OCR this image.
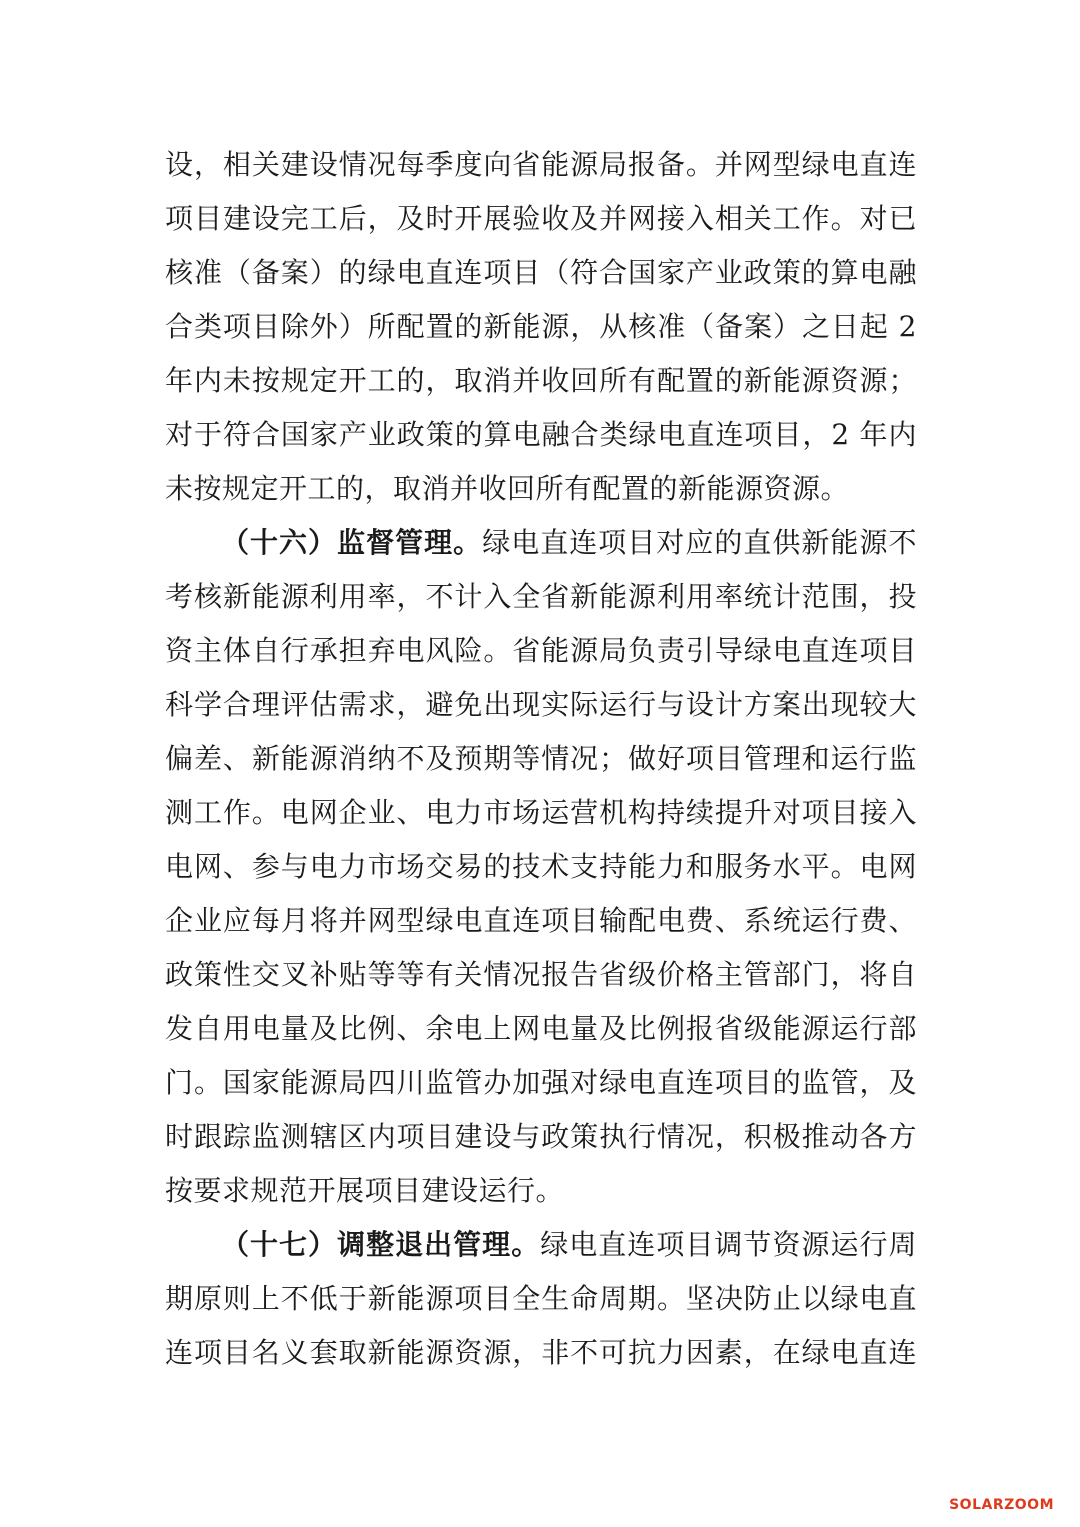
设，相关建设情况每季度向省能源局报备。并网型绿电直连
项目建设完工后，及时开展验收及并网接入相关工作。对已
核准（备案）的绿电直连项目（符合国家产业政策的算电融
合类项目除外）所配置的新能源，从核准（备案）之日起 2
年内未按规定开工的，取消并收回所有配置的新能源资源；
对于符合国家产业政策的算电融合类绿电直连项目，2 年内
未按规定开工的，取消并收回所有配置的新能源资源。
（十六）监督管理。绿电直连项目对应的直供新能源不
考核新能源利用率，不计入全省新能源利用率统计范围，投
资主体自行承担弃电风险。省能源局负责引导绿电直连项目
科学合理评估需求，避免出现实际运行与设计方案出现较大
偏差、新能源消纳不及预期等情况；做好项目管理和运行监
测工作。电网企业、电力市场运营机构持续提升对项目接入
电网、参与电力市场交易的技术支持能力和服务水平。电网
企业应每月将并网型绿电直连项目输配电费、系统运行费、
政策性交叉补贴等等有关情况报告省级价格主管部门，将自
发自用电量及比例、余电上网电量及比例报省级能源运行部
门。国家能源局四川监管办加强对绿电直连项目的监管，及
时跟踪监测辖区内项目建设与政策执行情况，积极推动各方
按要求规范开展项目建设运行。
（十七）调整退出管理。绿电直连项目调节资源运行周
期原则上不低于新能源项目全生命周期。坚决防止以绿电直
连项目名义套取新能源资源，非不可抗力因素，在绿电直连
SOLARZOOM
